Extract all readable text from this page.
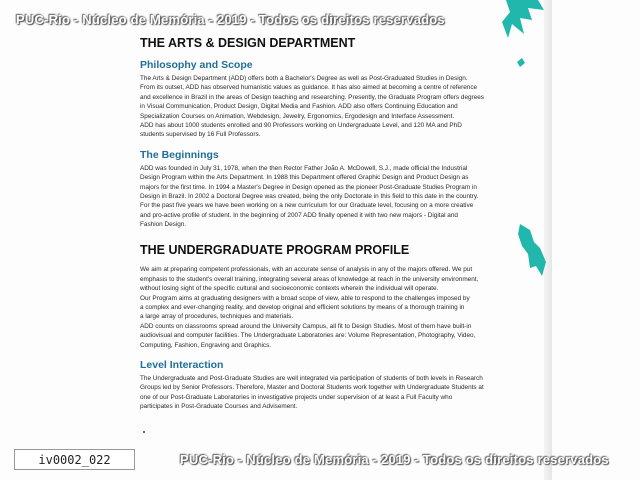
PUC-Rio - Núcleo de Memória - 2019 - Todos os direitos reservados
PUC-Rio - Núcleo de Memória - 2019 - Todos os direitos reservados
iv0002_022
THE ARTS & DESIGN DEPARTMENT
Philosophy and Scope
The Arts & Design Department (ADD) offers both a Bachelor's Degree as well as Post-Graduated Studies in Design.
From its outset, ADD has observed humanistic values as guidance. It has also aimed at becoming a centre of reference
and excellence in Brazil in the areas of Design teaching and researching. Presently, the Graduate Program offers degrees
in Visual Communication, Product Design, Digital Media and Fashion. ADD also offers Continuing Education and
Specialization Courses on Animation, Webdesign, Jewelry, Ergonomics, Ergodesign and Interface Assessment.
ADD has about 1000 students enrolled and 90 Professors working on Undergraduate Level, and 120 MA and PhD
students supervised by 16 Full Professors.
The Beginnings
ADD was founded in July 31, 1978, when the then Rector Father João A. McDowell, S.J., made official the Industrial
Design Program within the Arts Department. In 1988 this Department offered Graphic Design and Product Design as
majors for the first time. In 1994 a Master's Degree in Design opened as the pioneer Post-Graduate Studies Program in
Design in Brazil. In 2002 a Doctoral Degree was created, being the only Doctorate in this field to this date in the country.
For the past five years we have been working on a new curriculum for our Graduate level, focusing on a more creative
and pro-active profile of student. In the beginning of 2007 ADD finally opened it with two new majors - Digital and
Fashion Design.
THE UNDERGRADUATE PROGRAM PROFILE
We aim at preparing competent professionals, with an accurate sense of analysis in any of the majors offered. We put
emphasis to the student's overall training, integrating several areas of knowledge at reach in the university environment,
without losing sight of the specific cultural and socioeconomic contexts wherein the individual will operate.
Our Program aims at graduating designers with a broad scope of view, able to respond to the challenges imposed by
a complex and ever-changing reality, and develop original and efficient solutions by means of a thorough training in
a large array of procedures, techniques and materials.
ADD counts on classrooms spread around the University Campus, all fit to Design Studies. Most of them have built-in
audiovisual and computer facilities. The Undergraduate Laboratories are: Volume Representation, Photography, Video,
Computing, Fashion, Engraving and Graphics.
Level Interaction
The Undergraduate and Post-Graduate Studies are well integrated via participation of students of both levels in Research
Groups led by Senior Professors. Therefore, Master and Doctoral Students work together with Undergraduate Students at
one of our Post-Graduate Laboratories in investigative projects under supervision of at least a Full Faculty who
participates in Post-Graduate Courses and Advisement.
